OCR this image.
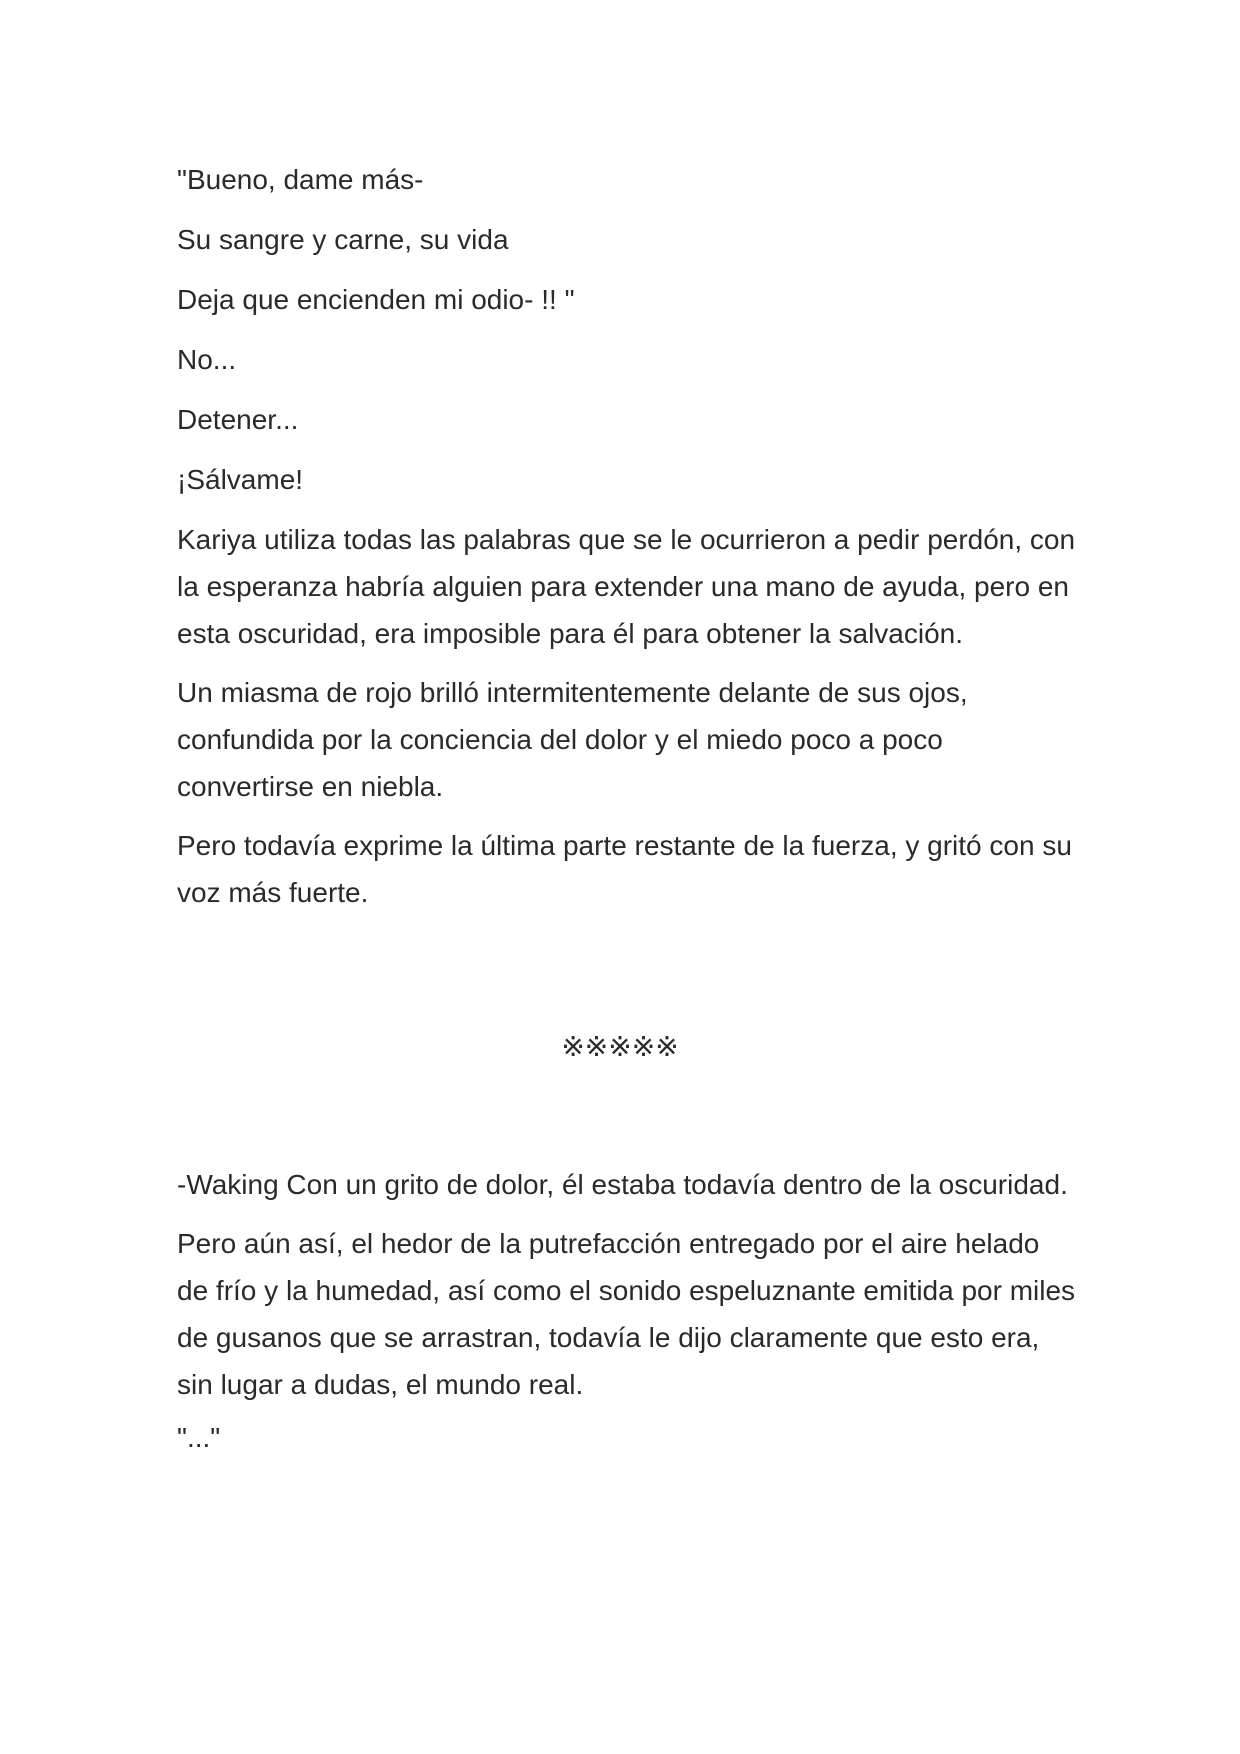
"Bueno, dame más-

Su sangre y carne, su vida

Deja que encienden mi odio- !! "

No...

Detener...

¡Sálvame!

Kariya utiliza todas las palabras que se le ocurrieron a pedir perdón, con la esperanza habría alguien para extender una mano de ayuda, pero en esta oscuridad, era imposible para él para obtener la salvación.

Un miasma de rojo brilló intermitentemente delante de sus ojos, confundida por la conciencia del dolor y el miedo poco a poco convertirse en niebla.

Pero todavía exprime la última parte restante de la fuerza, y gritó con su voz más fuerte.

※※※※※

-Waking Con un grito de dolor, él estaba todavía dentro de la oscuridad.

Pero aún así, el hedor de la putrefacción entregado por el aire helado de frío y la humedad, así como el sonido espeluznante emitida por miles de gusanos que se arrastran, todavía le dijo claramente que esto era, sin lugar a dudas, el mundo real.

"..."
